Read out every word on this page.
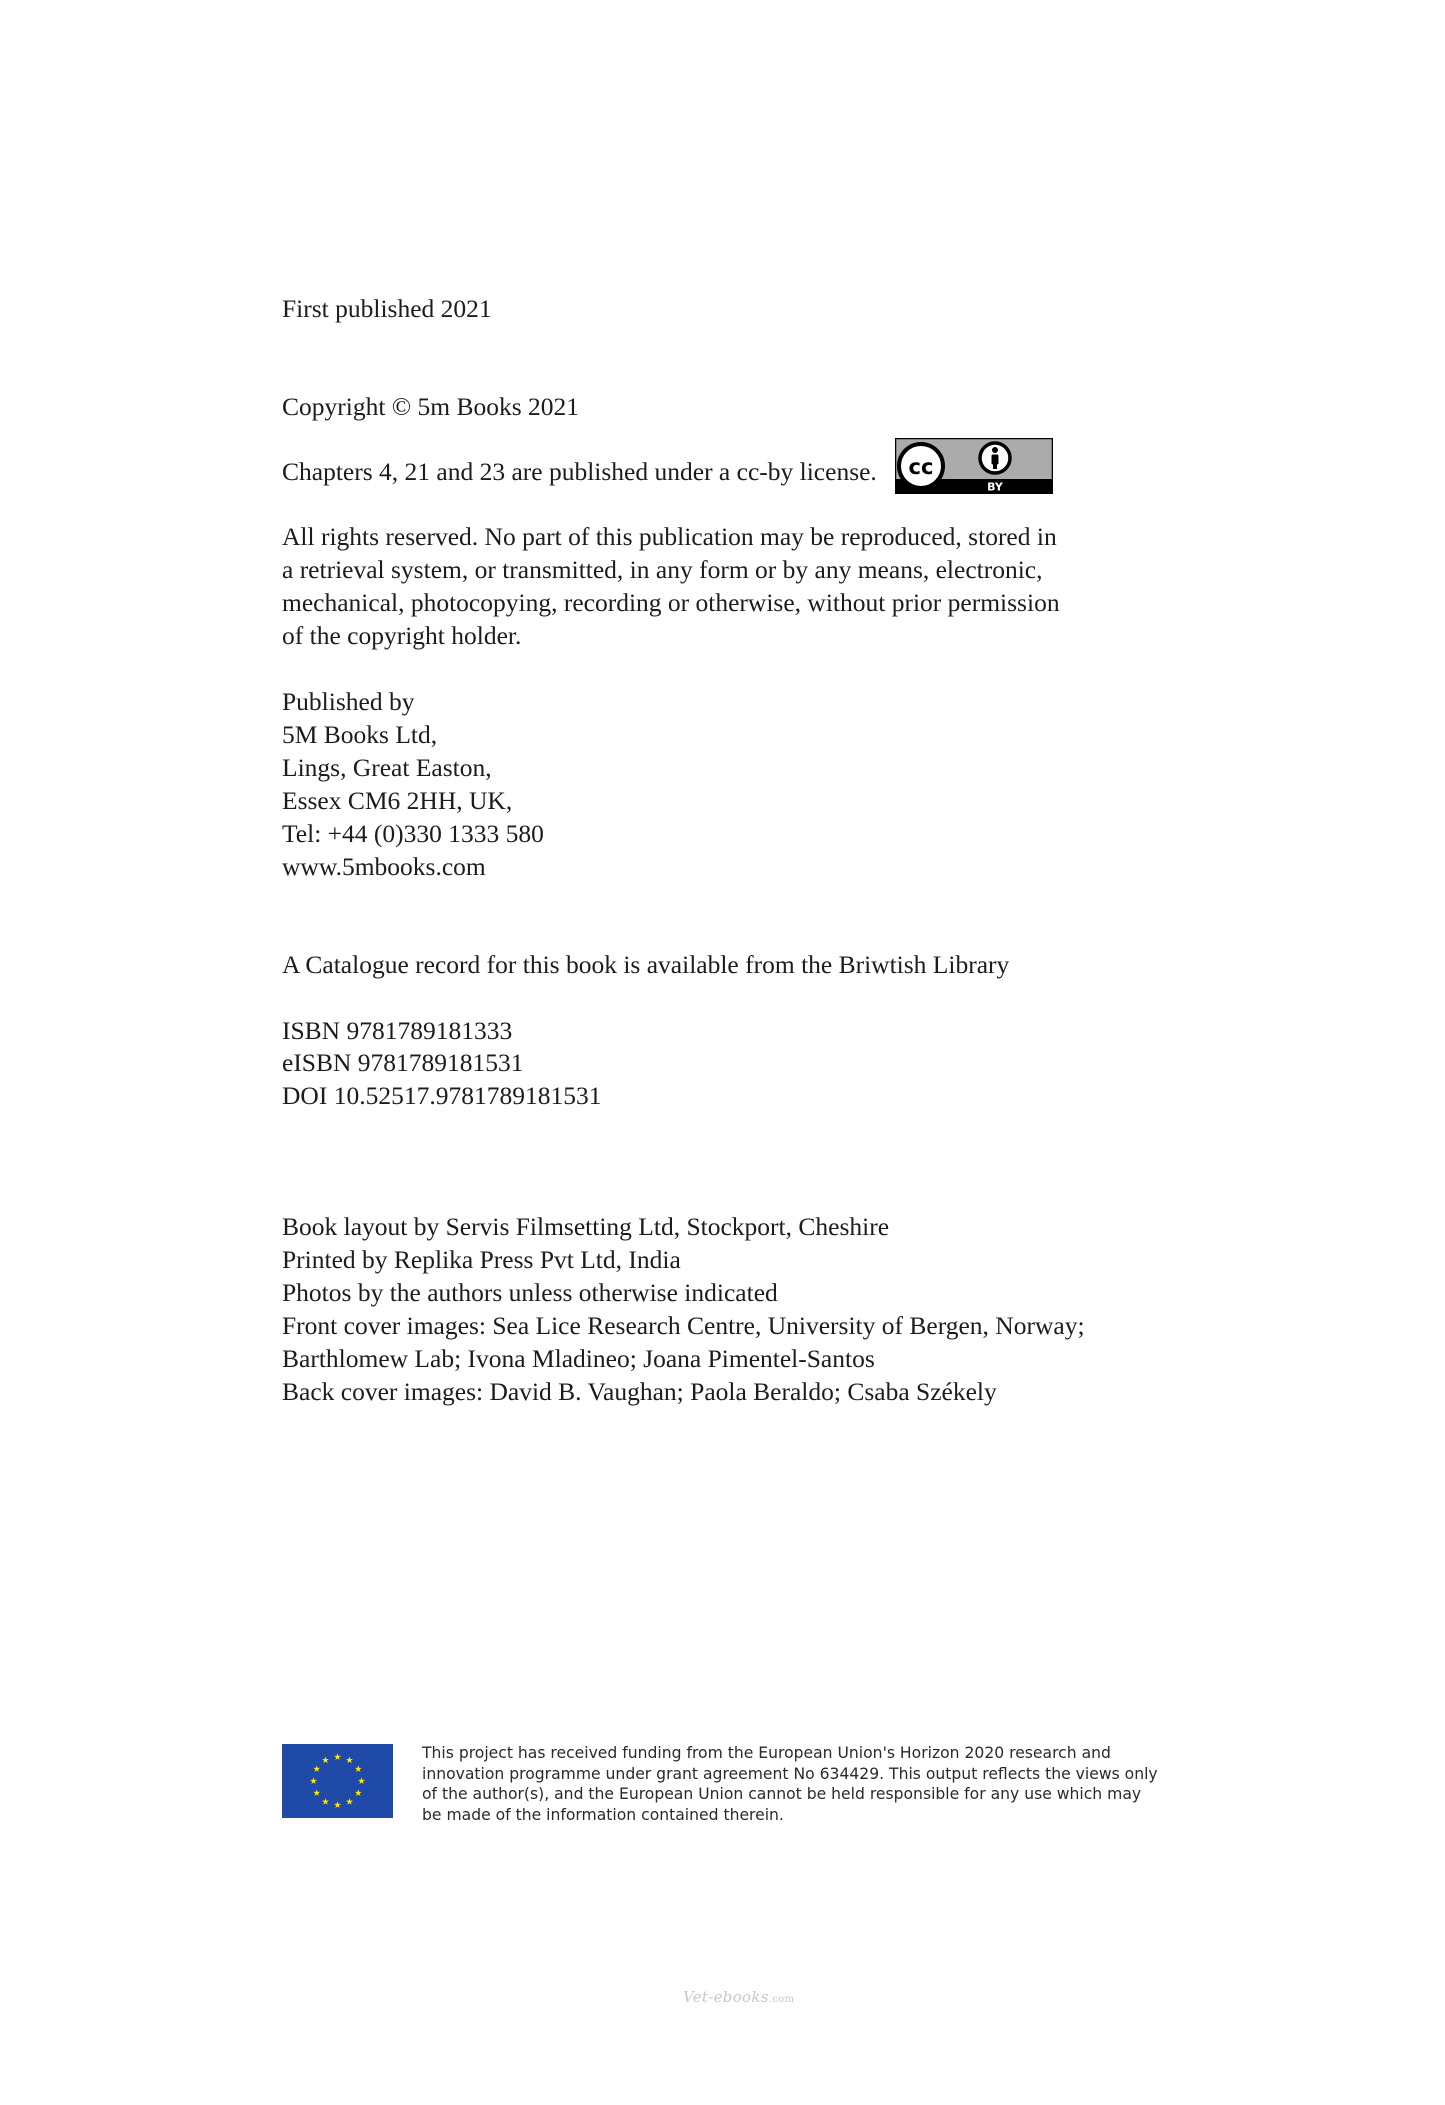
First published 2021

Copyright © 5m Books 2021

Chapters 4, 21 and 23 are published under a cc-by license. cc
BY

All rights reserved. No part of this publication may be reproduced, stored in

a retrieval system, or transmitted, in any form or by any means, electronic,

mechanical, photocopying, recording or otherwise, without prior permission

of the copyright holder.

Published by

5M Books Ltd,

Lings, Great Easton,

Essex CM6 2HH, UK,

Tel: +44 (0)330 1333 580

www.5mbooks.com

A Catalogue record for this book is available from the Briwtish Library

ISBN 9781789181333

eISBN 9781789181531

DOI 10.52517.9781789181531

Book layout by Servis Filmsetting Ltd, Stockport, Cheshire

Printed by Replika Press Pvt Ltd, India

Photos by the authors unless otherwise indicated

Front cover images: Sea Lice Research Centre, University of Bergen, Norway;

Barthlomew Lab; Ivona Mladineo; Joana Pimentel-Santos

Back cover images: David B. Vaughan; Paola Beraldo; Csaba Székely

This project has received funding from the European Union's Horizon 2020 research and
innovation programme under grant agreement No 634429. This output reflects the views only
of the author(s), and the European Union cannot be held responsible for any use which may
be made of the information contained therein.
Vet-ebooks.com
